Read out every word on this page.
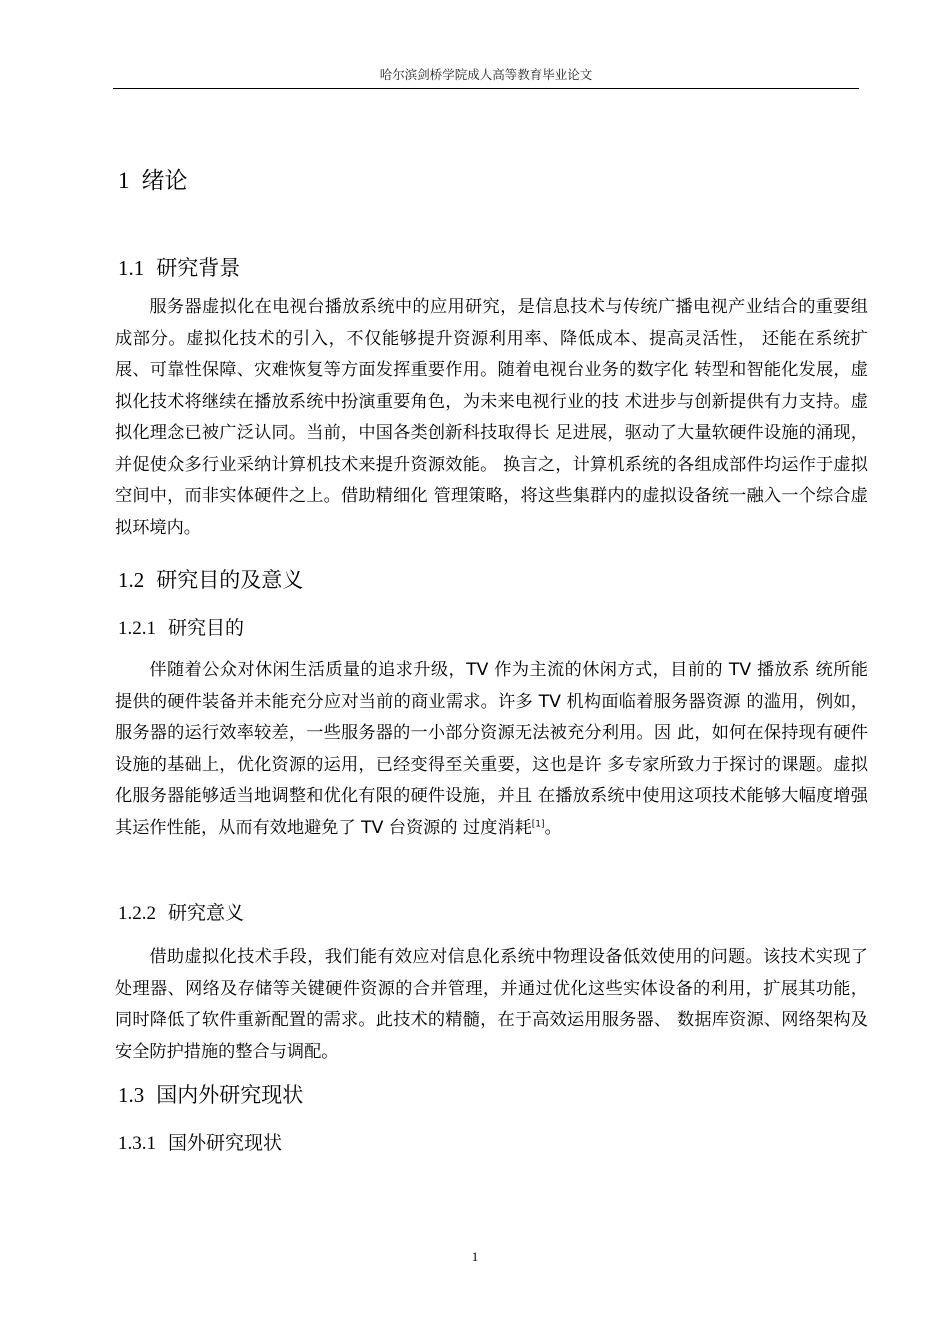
哈尔滨剑桥学院成人高等教育毕业论文
1 绪论
1.1 研究背景
服务器虚拟化在电视台播放系统中的应用研究，是信息技术与传统广播电视产业结合的重要组成部分。虚拟化技术的引入，不仅能够提升资源利用率、降低成本、提高灵活性， 还能在系统扩展、可靠性保障、灾难恢复等方面发挥重要作用。随着电视台业务的数字化 转型和智能化发展，虚拟化技术将继续在播放系统中扮演重要角色，为未来电视行业的技 术进步与创新提供有力支持。虚拟化理念已被广泛认同。当前，中国各类创新科技取得长 足进展，驱动了大量软硬件设施的涌现，并促使众多行业采纳计算机技术来提升资源效能。 换言之，计算机系统的各组成部件均运作于虚拟空间中，而非实体硬件之上。借助精细化 管理策略，将这些集群内的虚拟设备统一融入一个综合虚拟环境内。
1.2 研究目的及意义
1.2.1 研究目的
伴随着公众对休闲生活质量的追求升级，TV 作为主流的休闲方式，目前的 TV 播放系 统所能提供的硬件装备并未能充分应对当前的商业需求。许多 TV 机构面临着服务器资源 的滥用，例如，服务器的运行效率较差，一些服务器的一小部分资源无法被充分利用。因 此，如何在保持现有硬件设施的基础上，优化资源的运用，已经变得至关重要，这也是许 多专家所致力于探讨的课题。虚拟化服务器能够适当地调整和优化有限的硬件设施，并且 在播放系统中使用这项技术能够大幅度增强其运作性能，从而有效地避免了 TV 台资源的 过度消耗[1]。
1.2.2 研究意义
借助虚拟化技术手段，我们能有效应对信息化系统中物理设备低效使用的问题。该技术实现了处理器、网络及存储等关键硬件资源的合并管理，并通过优化这些实体设备的利用，扩展其功能，同时降低了软件重新配置的需求。此技术的精髓，在于高效运用服务器、 数据库资源、网络架构及安全防护措施的整合与调配。
1.3 国内外研究现状
1.3.1 国外研究现状
1
